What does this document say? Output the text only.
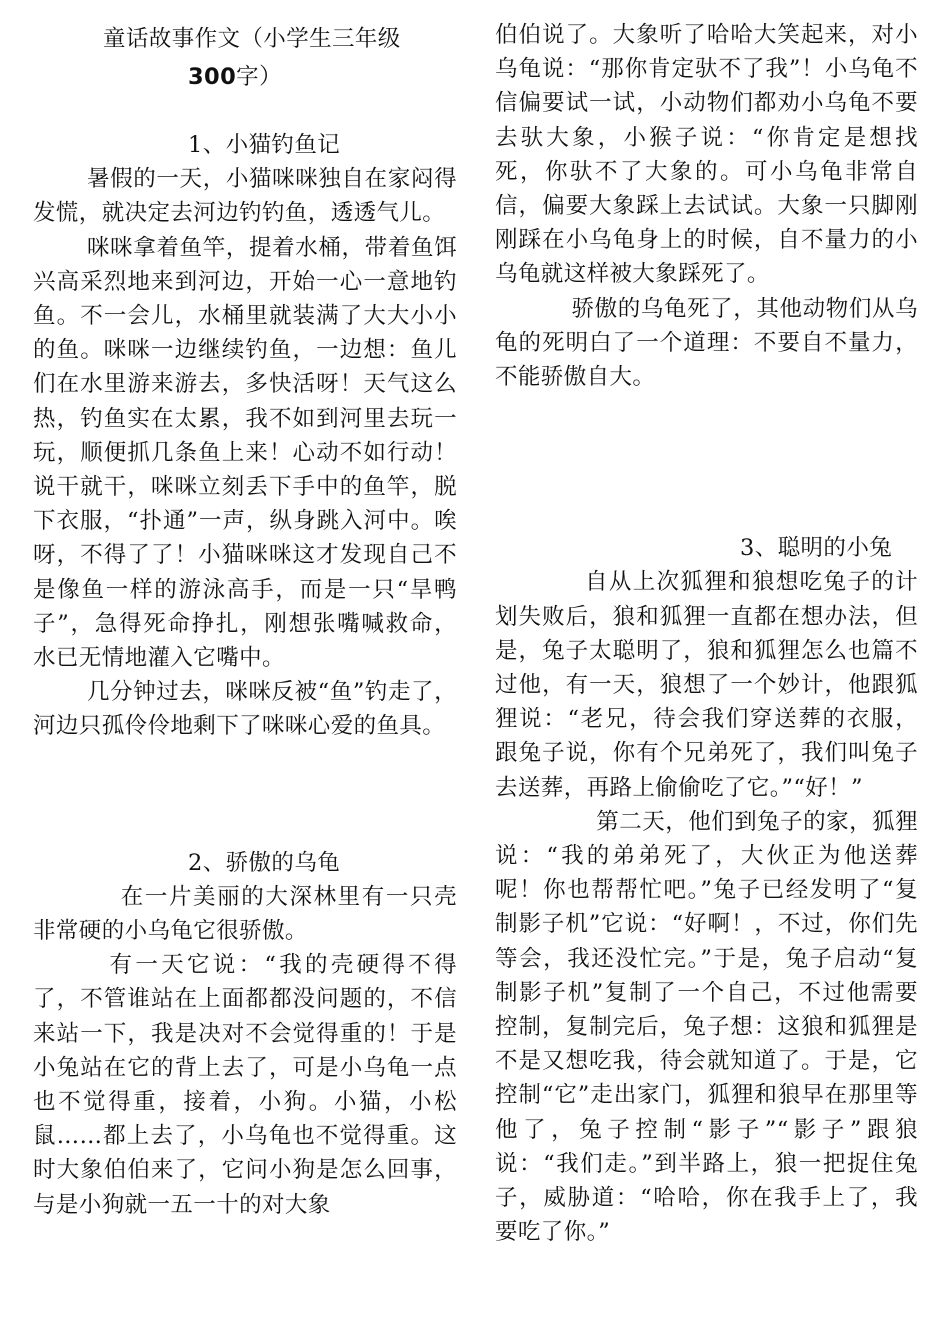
童话故事作文（小学生三年级
300字）

1、小猫钓鱼记

暑假的一天，小猫咪咪独自在家闷得发慌，就决定去河边钓钓鱼，透透气儿。

咪咪拿着鱼竿，提着水桶，带着鱼饵兴高采烈地来到河边，开始一心一意地钓鱼。不一会儿，水桶里就装满了大大小小的鱼。咪咪一边继续钓鱼，一边想：鱼儿们在水里游来游去，多快活呀！天气这么热，钓鱼实在太累，我不如到河里去玩一玩，顺便抓几条鱼上来！心动不如行动！说干就干，咪咪立刻丢下手中的鱼竿，脱下衣服，“扑通”一声，纵身跳入河中。唉呀，不得了了！小猫咪咪这才发现自己不是像鱼一样的游泳高手，而是一只“旱鸭子”，急得死命挣扎，刚想张嘴喊救命，水已无情地灌入它嘴中。

几分钟过去，咪咪反被“鱼”钓走了，河边只孤伶伶地剩下了咪咪心爱的鱼具。

2、骄傲的乌龟

在一片美丽的大深林里有一只壳非常硬的小乌龟它很骄傲。

有一天它说：“我的壳硬得不得了，不管谁站在上面都都没问题的，不信来站一下，我是决对不会觉得重的！于是小兔站在它的背上去了，可是小乌龟一点也不觉得重，接着，小狗。小猫，小松鼠……都上去了，小乌龟也不觉得重。这时大象伯伯来了，它问小狗是怎么回事，与是小狗就一五一十的对大象

伯伯说了。大象听了哈哈大笑起来，对小乌龟说：“那你肯定驮不了我”！小乌龟不信偏要试一试，小动物们都劝小乌龟不要去驮大象，小猴子说：“你肯定是想找死，你驮不了大象的。可小乌龟非常自信，偏要大象踩上去试试。大象一只脚刚刚踩在小乌龟身上的时候，自不量力的小乌龟就这样被大象踩死了。

骄傲的乌龟死了，其他动物们从乌龟的死明白了一个道理：不要自不量力，不能骄傲自大。

3、聪明的小兔

自从上次狐狸和狼想吃兔子的计划失败后，狼和狐狸一直都在想办法，但是，兔子太聪明了，狼和狐狸怎么也篇不过他，有一天，狼想了一个妙计，他跟狐狸说：“老兄，待会我们穿送葬的衣服，跟兔子说，你有个兄弟死了，我们叫兔子去送葬，再路上偷偷吃了它。”“好！”

第二天，他们到兔子的家，狐狸说：“我的弟弟死了，大伙正为他送葬呢！你也帮帮忙吧。”兔子已经发明了“复制影子机”它说：“好啊！，不过，你们先等会，我还没忙完。”于是，兔子启动“复制影子机”复制了一个自己，不过他需要控制，复制完后，兔子想：这狼和狐狸是不是又想吃我，待会就知道了。于是，它控制“它”走出家门，狐狸和狼早在那里等他了，兔子控制“影子”“影子”跟狼说：“我们走。”到半路上，狼一把捉住兔子，威胁道：“哈哈，你在我手上了，我要吃了你。”
